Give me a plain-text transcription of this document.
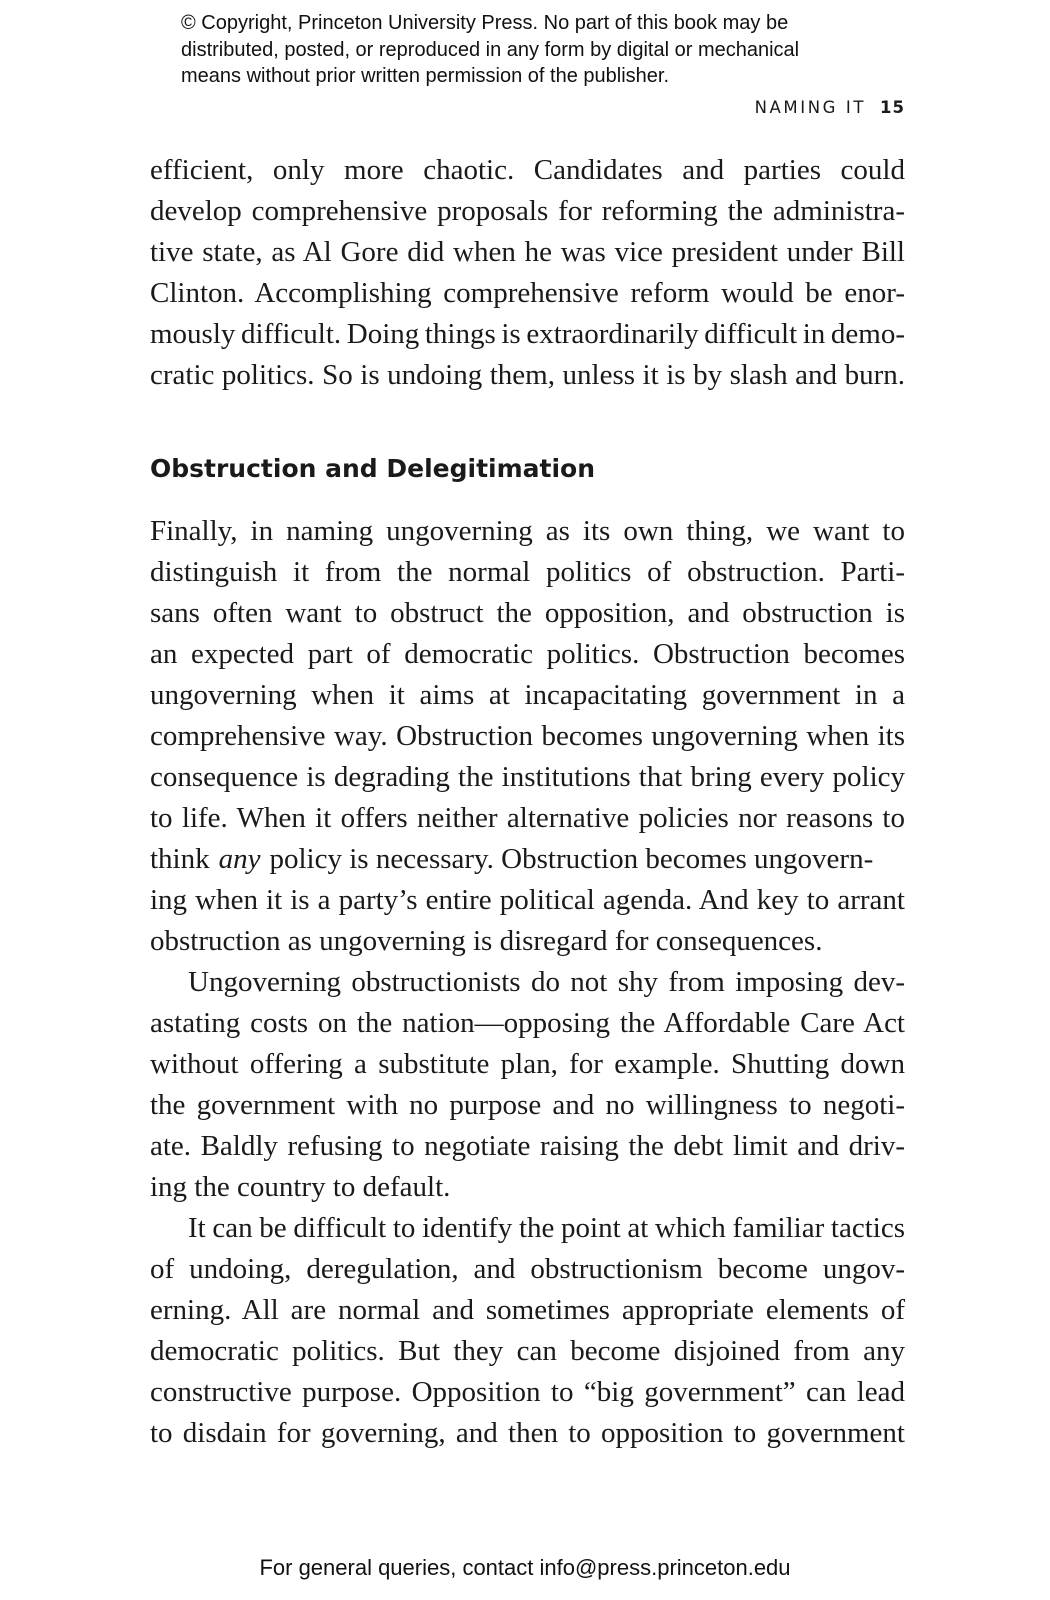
© Copyright, Princeton University Press. No part of this book may be
distributed, posted, or reproduced in any form by digital or mechanical
means without prior written permission of the publisher.
NAMING IT 15
efficient, only more chaotic. Candidates and parties could
develop comprehensive proposals for reforming the administra-
tive state, as Al Gore did when he was vice president under Bill
Clinton. Accomplishing comprehensive reform would be enor-
mously difficult. Doing things is extraordinarily difficult in demo-
cratic politics. So is undoing them, unless it is by slash and burn.
Obstruction and Delegitimation
Finally, in naming ungoverning as its own thing, we want to
distinguish it from the normal politics of obstruction. Parti-
sans often want to obstruct the opposition, and obstruction is
an expected part of democratic politics. Obstruction becomes
ungoverning when it aims at incapacitating government in a
comprehensive way. Obstruction becomes ungoverning when its
consequence is degrading the institutions that bring every policy
to life. When it offers neither alternative policies nor reasons to
think any policy is necessary. Obstruction becomes ungovern-
ing when it is a party’s entire political agenda. And key to arrant
obstruction as ungoverning is disregard for consequences.
Ungoverning obstructionists do not shy from imposing dev-
astating costs on the nation—opposing the Affordable Care Act
without offering a substitute plan, for example. Shutting down
the government with no purpose and no willingness to negoti-
ate. Baldly refusing to negotiate raising the debt limit and driv-
ing the country to default.
It can be difficult to identify the point at which familiar tactics
of undoing, deregulation, and obstructionism become ungov-
erning. All are normal and sometimes appropriate elements of
democratic politics. But they can become disjoined from any
constructive purpose. Opposition to “big government” can lead
to disdain for governing, and then to opposition to government
For general queries, contact info@press.princeton.edu
